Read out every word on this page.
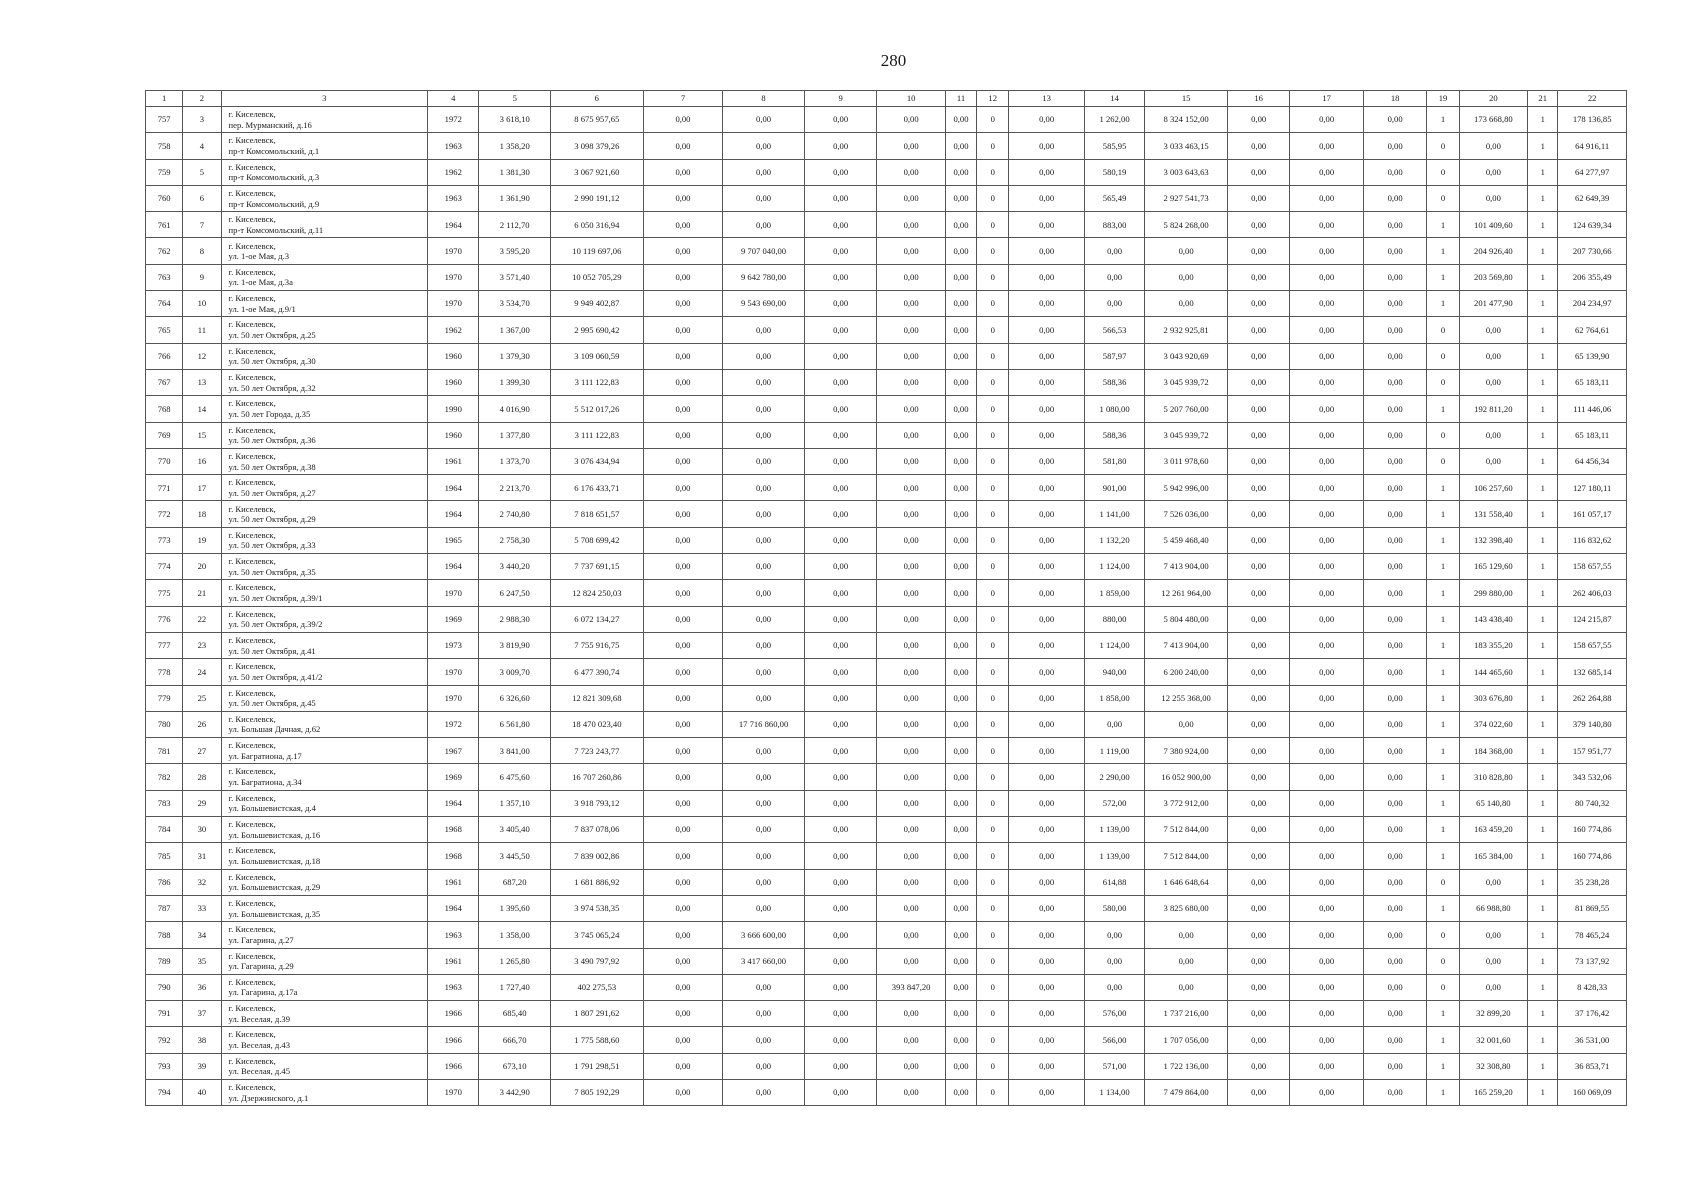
280
1	2	3	4	5	6	7	8	9	10	11	12	13	14	15	16	17	18	19	20	21	22
757	3	г. Киселевск,
пер. Мурманский, д.16	1972	3 618,10	8 675 957,65	0,00	0,00	0,00	0,00	0,00	0	0,00	1 262,00	8 324 152,00	0,00	0,00	0,00	1	173 668,80	1	178 136,85
758	4	г. Киселевск,
пр-т Комсомольский, д.1	1963	1 358,20	3 098 379,26	0,00	0,00	0,00	0,00	0,00	0	0,00	585,95	3 033 463,15	0,00	0,00	0,00	0	0,00	1	64 916,11
759	5	г. Киселевск,
пр-т Комсомольский, д.3	1962	1 381,30	3 067 921,60	0,00	0,00	0,00	0,00	0,00	0	0,00	580,19	3 003 643,63	0,00	0,00	0,00	0	0,00	1	64 277,97
760	6	г. Киселевск,
пр-т Комсомольский, д.9	1963	1 361,90	2 990 191,12	0,00	0,00	0,00	0,00	0,00	0	0,00	565,49	2 927 541,73	0,00	0,00	0,00	0	0,00	1	62 649,39
761	7	г. Киселевск,
пр-т Комсомольский, д.11	1964	2 112,70	6 050 316,94	0,00	0,00	0,00	0,00	0,00	0	0,00	883,00	5 824 268,00	0,00	0,00	0,00	1	101 409,60	1	124 639,34
762	8	г. Киселевск,
ул. 1-ое Мая, д.3	1970	3 595,20	10 119 697,06	0,00	9 707 040,00	0,00	0,00	0,00	0	0,00	0,00	0,00	0,00	0,00	0,00	1	204 926,40	1	207 730,66
763	9	г. Киселевск,
ул. 1-ое Мая, д.3а	1970	3 571,40	10 052 705,29	0,00	9 642 780,00	0,00	0,00	0,00	0	0,00	0,00	0,00	0,00	0,00	0,00	1	203 569,80	1	206 355,49
764	10	г. Киселевск,
ул. 1-ое Мая, д.9/1	1970	3 534,70	9 949 402,87	0,00	9 543 690,00	0,00	0,00	0,00	0	0,00	0,00	0,00	0,00	0,00	0,00	1	201 477,90	1	204 234,97
765	11	г. Киселевск,
ул. 50 лет Октября, д.25	1962	1 367,00	2 995 690,42	0,00	0,00	0,00	0,00	0,00	0	0,00	566,53	2 932 925,81	0,00	0,00	0,00	0	0,00	1	62 764,61
766	12	г. Киселевск,
ул. 50 лет Октября, д.30	1960	1 379,30	3 109 060,59	0,00	0,00	0,00	0,00	0,00	0	0,00	587,97	3 043 920,69	0,00	0,00	0,00	0	0,00	1	65 139,90
767	13	г. Киселевск,
ул. 50 лет Октября, д.32	1960	1 399,30	3 111 122,83	0,00	0,00	0,00	0,00	0,00	0	0,00	588,36	3 045 939,72	0,00	0,00	0,00	0	0,00	1	65 183,11
768	14	г. Киселевск,
ул. 50 лет Города, д.35	1990	4 016,90	5 512 017,26	0,00	0,00	0,00	0,00	0,00	0	0,00	1 080,00	5 207 760,00	0,00	0,00	0,00	1	192 811,20	1	111 446,06
769	15	г. Киселевск,
ул. 50 лет Октября, д.36	1960	1 377,80	3 111 122,83	0,00	0,00	0,00	0,00	0,00	0	0,00	588,36	3 045 939,72	0,00	0,00	0,00	0	0,00	1	65 183,11
770	16	г. Киселевск,
ул. 50 лет Октября, д.38	1961	1 373,70	3 076 434,94	0,00	0,00	0,00	0,00	0,00	0	0,00	581,80	3 011 978,60	0,00	0,00	0,00	0	0,00	1	64 456,34
771	17	г. Киселевск,
ул. 50 лет Октября, д.27	1964	2 213,70	6 176 433,71	0,00	0,00	0,00	0,00	0,00	0	0,00	901,00	5 942 996,00	0,00	0,00	0,00	1	106 257,60	1	127 180,11
772	18	г. Киселевск,
ул. 50 лет Октября, д.29	1964	2 740,80	7 818 651,57	0,00	0,00	0,00	0,00	0,00	0	0,00	1 141,00	7 526 036,00	0,00	0,00	0,00	1	131 558,40	1	161 057,17
773	19	г. Киселевск,
ул. 50 лет Октября, д.33	1965	2 758,30	5 708 699,42	0,00	0,00	0,00	0,00	0,00	0	0,00	1 132,20	5 459 468,40	0,00	0,00	0,00	1	132 398,40	1	116 832,62
774	20	г. Киселевск,
ул. 50 лет Октября, д.35	1964	3 440,20	7 737 691,15	0,00	0,00	0,00	0,00	0,00	0	0,00	1 124,00	7 413 904,00	0,00	0,00	0,00	1	165 129,60	1	158 657,55
775	21	г. Киселевск,
ул. 50 лет Октября, д.39/1	1970	6 247,50	12 824 250,03	0,00	0,00	0,00	0,00	0,00	0	0,00	1 859,00	12 261 964,00	0,00	0,00	0,00	1	299 880,00	1	262 406,03
776	22	г. Киселевск,
ул. 50 лет Октября, д.39/2	1969	2 988,30	6 072 134,27	0,00	0,00	0,00	0,00	0,00	0	0,00	880,00	5 804 480,00	0,00	0,00	0,00	1	143 438,40	1	124 215,87
777	23	г. Киселевск,
ул. 50 лет Октября, д.41	1973	3 819,90	7 755 916,75	0,00	0,00	0,00	0,00	0,00	0	0,00	1 124,00	7 413 904,00	0,00	0,00	0,00	1	183 355,20	1	158 657,55
778	24	г. Киселевск,
ул. 50 лет Октября, д.41/2	1970	3 009,70	6 477 390,74	0,00	0,00	0,00	0,00	0,00	0	0,00	940,00	6 200 240,00	0,00	0,00	0,00	1	144 465,60	1	132 685,14
779	25	г. Киселевск,
ул. 50 лет Октября, д.45	1970	6 326,60	12 821 309,68	0,00	0,00	0,00	0,00	0,00	0	0,00	1 858,00	12 255 368,00	0,00	0,00	0,00	1	303 676,80	1	262 264,88
780	26	г. Киселевск,
ул. Большая Дачная, д.62	1972	6 561,80	18 470 023,40	0,00	17 716 860,00	0,00	0,00	0,00	0	0,00	0,00	0,00	0,00	0,00	0,00	1	374 022,60	1	379 140,80
781	27	г. Киселевск,
ул. Багратиона, д.17	1967	3 841,00	7 723 243,77	0,00	0,00	0,00	0,00	0,00	0	0,00	1 119,00	7 380 924,00	0,00	0,00	0,00	1	184 368,00	1	157 951,77
782	28	г. Киселевск,
ул. Багратиона, д.34	1969	6 475,60	16 707 260,86	0,00	0,00	0,00	0,00	0,00	0	0,00	2 290,00	16 052 900,00	0,00	0,00	0,00	1	310 828,80	1	343 532,06
783	29	г. Киселевск,
ул. Большевистская, д.4	1964	1 357,10	3 918 793,12	0,00	0,00	0,00	0,00	0,00	0	0,00	572,00	3 772 912,00	0,00	0,00	0,00	1	65 140,80	1	80 740,32
784	30	г. Киселевск,
ул. Большевистская, д.16	1968	3 405,40	7 837 078,06	0,00	0,00	0,00	0,00	0,00	0	0,00	1 139,00	7 512 844,00	0,00	0,00	0,00	1	163 459,20	1	160 774,86
785	31	г. Киселевск,
ул. Большевистская, д.18	1968	3 445,50	7 839 002,86	0,00	0,00	0,00	0,00	0,00	0	0,00	1 139,00	7 512 844,00	0,00	0,00	0,00	1	165 384,00	1	160 774,86
786	32	г. Киселевск,
ул. Большевистская, д.29	1961	687,20	1 681 886,92	0,00	0,00	0,00	0,00	0,00	0	0,00	614,88	1 646 648,64	0,00	0,00	0,00	0	0,00	1	35 238,28
787	33	г. Киселевск,
ул. Большевистская, д.35	1964	1 395,60	3 974 538,35	0,00	0,00	0,00	0,00	0,00	0	0,00	580,00	3 825 680,00	0,00	0,00	0,00	1	66 988,80	1	81 869,55
788	34	г. Киселевск,
ул. Гагарина, д.27	1963	1 358,00	3 745 065,24	0,00	3 666 600,00	0,00	0,00	0,00	0	0,00	0,00	0,00	0,00	0,00	0,00	0	0,00	1	78 465,24
789	35	г. Киселевск,
ул. Гагарина, д.29	1961	1 265,80	3 490 797,92	0,00	3 417 660,00	0,00	0,00	0,00	0	0,00	0,00	0,00	0,00	0,00	0,00	0	0,00	1	73 137,92
790	36	г. Киселевск,
ул. Гагарина, д.17а	1963	1 727,40	402 275,53	0,00	0,00	0,00	393 847,20	0,00	0	0,00	0,00	0,00	0,00	0,00	0,00	0	0,00	1	8 428,33
791	37	г. Киселевск,
ул. Веселая, д.39	1966	685,40	1 807 291,62	0,00	0,00	0,00	0,00	0,00	0	0,00	576,00	1 737 216,00	0,00	0,00	0,00	1	32 899,20	1	37 176,42
792	38	г. Киселевск,
ул. Веселая, д.43	1966	666,70	1 775 588,60	0,00	0,00	0,00	0,00	0,00	0	0,00	566,00	1 707 056,00	0,00	0,00	0,00	1	32 001,60	1	36 531,00
793	39	г. Киселевск,
ул. Веселая, д.45	1966	673,10	1 791 298,51	0,00	0,00	0,00	0,00	0,00	0	0,00	571,00	1 722 136,00	0,00	0,00	0,00	1	32 308,80	1	36 853,71
794	40	г. Киселевск,
ул. Дзержинского, д.1	1970	3 442,90	7 805 192,29	0,00	0,00	0,00	0,00	0,00	0	0,00	1 134,00	7 479 864,00	0,00	0,00	0,00	1	165 259,20	1	160 069,09
